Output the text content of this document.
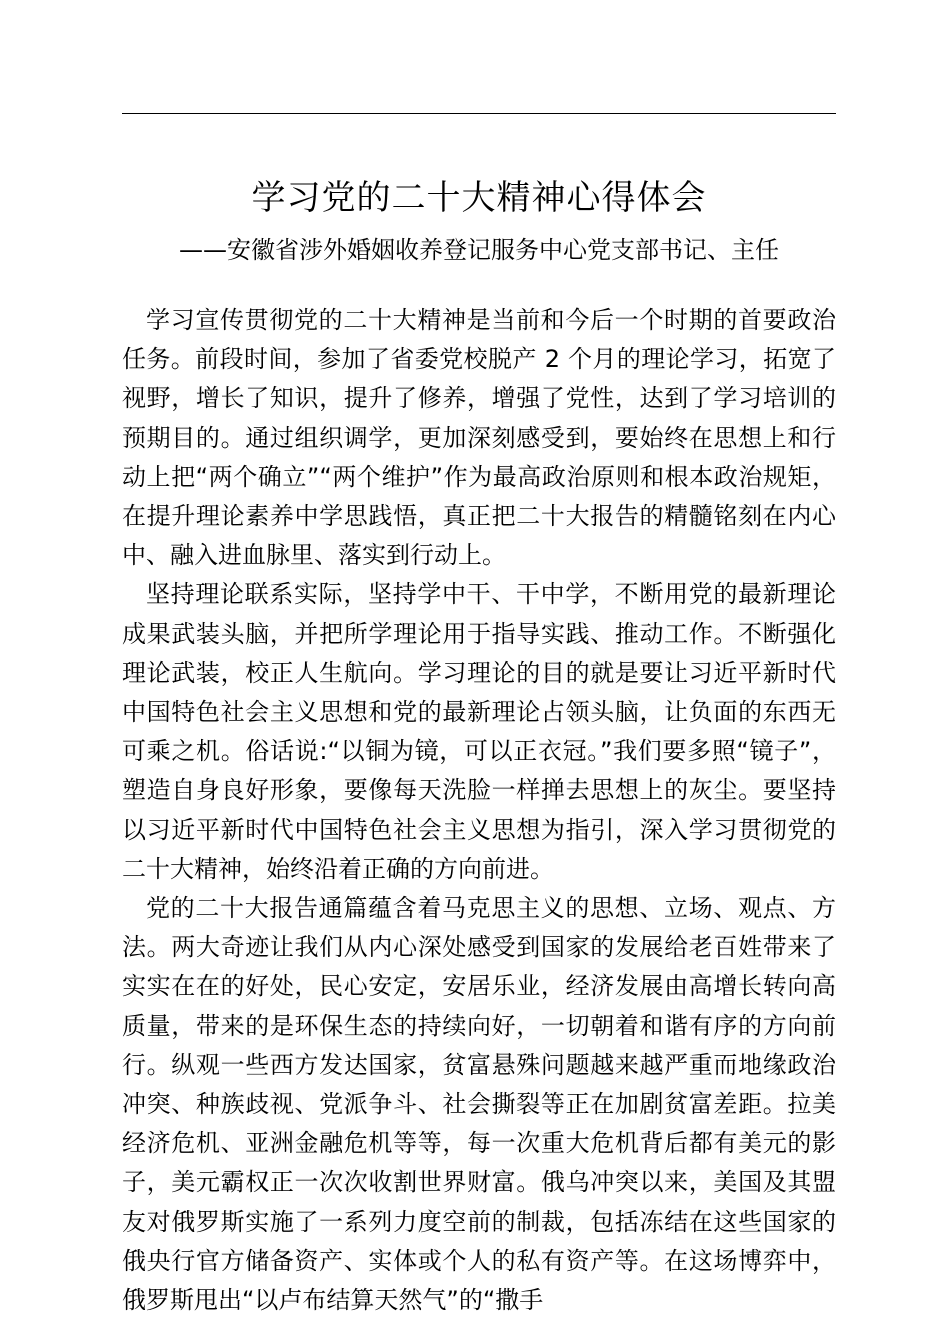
学习党的二十大精神心得体会
——安徽省涉外婚姻收养登记服务中心党支部书记、主任

学习宣传贯彻党的二十大精神是当前和今后一个时期的首要政治任务。前段时间，参加了省委党校脱产 2 个月的理论学习，拓宽了视野，增长了知识，提升了修养，增强了党性，达到了学习培训的预期目的。通过组织调学，更加深刻感受到，要始终在思想上和行动上把“两个确立”“两个维护”作为最高政治原则和根本政治规矩，在提升理论素养中学思践悟，真正把二十大报告的精髓铭刻在内心中、融入进血脉里、落实到行动上。

坚持理论联系实际，坚持学中干、干中学，不断用党的最新理论成果武装头脑，并把所学理论用于指导实践、推动工作。不断强化理论武装，校正人生航向。学习理论的目的就是要让习近平新时代中国特色社会主义思想和党的最新理论占领头脑，让负面的东西无可乘之机。俗话说:“以铜为镜，可以正衣冠。”我们要多照“镜子”，塑造自身良好形象，要像每天洗脸一样掸去思想上的灰尘。要坚持以习近平新时代中国特色社会主义思想为指引，深入学习贯彻党的二十大精神，始终沿着正确的方向前进。

党的二十大报告通篇蕴含着马克思主义的思想、立场、观点、方法。两大奇迹让我们从内心深处感受到国家的发展给老百姓带来了实实在在的好处，民心安定，安居乐业，经济发展由高增长转向高质量，带来的是环保生态的持续向好，一切朝着和谐有序的方向前行。纵观一些西方发达国家，贫富悬殊问题越来越严重而地缘政治冲突、种族歧视、党派争斗、社会撕裂等正在加剧贫富差距。拉美经济危机、亚洲金融危机等等，每一次重大危机背后都有美元的影子，美元霸权正一次次收割世界财富。俄乌冲突以来，美国及其盟友对俄罗斯实施了一系列力度空前的制裁，包括冻结在这些国家的俄央行官方储备资产、实体或个人的私有资产等。在这场博弈中，俄罗斯甩出“以卢布结算天然气”的“撒手
